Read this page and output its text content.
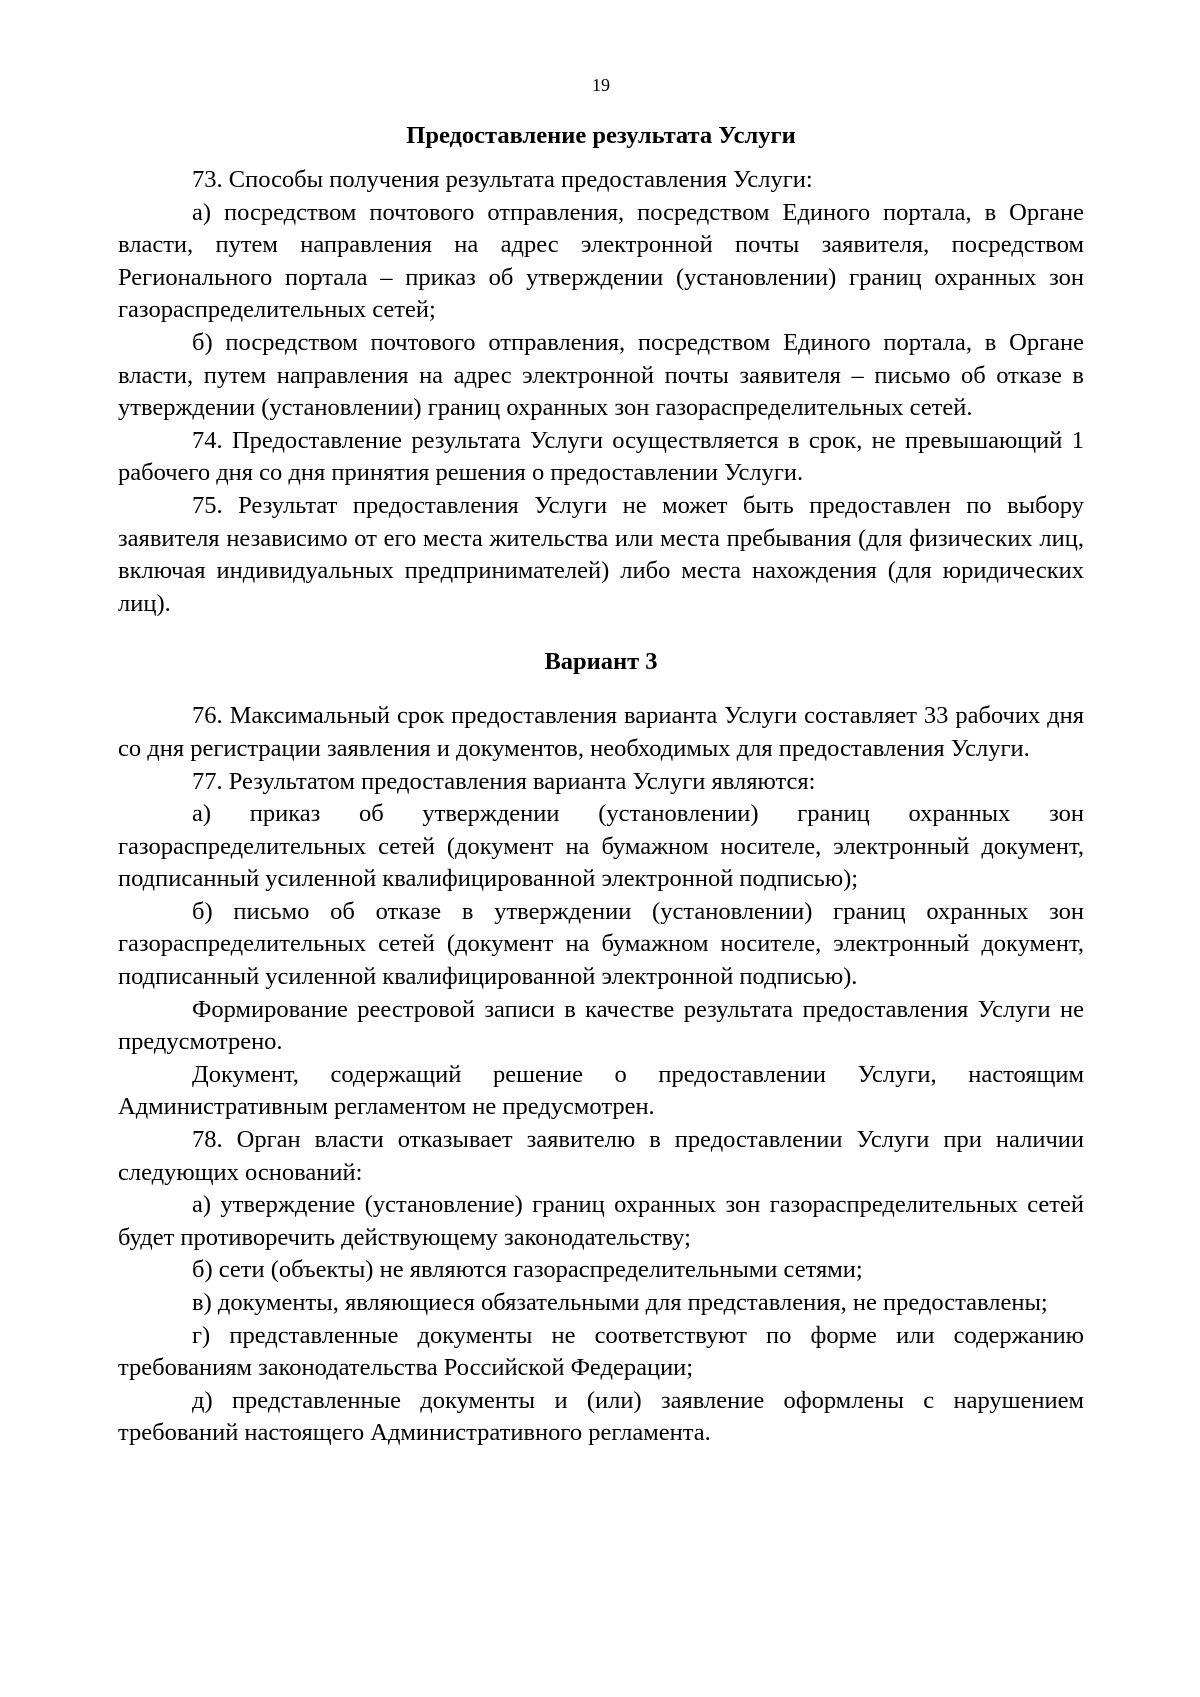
19
Предоставление результата Услуги

73. Способы получения результата предоставления Услуги:

а) посредством почтового отправления, посредством Единого портала, в Органе власти, путем направления на адрес электронной почты заявителя, посредством Регионального портала – приказ об утверждении (установлении) границ охранных зон газораспределительных сетей;

б) посредством почтового отправления, посредством Единого портала, в Органе власти, путем направления на адрес электронной почты заявителя – письмо об отказе в утверждении (установлении) границ охранных зон газораспределительных сетей.

74. Предоставление результата Услуги осуществляется в срок, не превышающий 1 рабочего дня со дня принятия решения о предоставлении Услуги.

75. Результат предоставления Услуги не может быть предоставлен по выбору заявителя независимо от его места жительства или места пребывания (для физических лиц, включая индивидуальных предпринимателей) либо места нахождения (для юридических лиц).

Вариант 3

76. Максимальный срок предоставления варианта Услуги составляет 33 рабочих дня со дня регистрации заявления и документов, необходимых для предоставления Услуги.

77. Результатом предоставления варианта Услуги являются:

а) приказ об утверждении (установлении) границ охранных зон газораспределительных сетей (документ на бумажном носителе, электронный документ, подписанный усиленной квалифицированной электронной подписью);

б) письмо об отказе в утверждении (установлении) границ охранных зон газораспределительных сетей (документ на бумажном носителе, электронный документ, подписанный усиленной квалифицированной электронной подписью).

Формирование реестровой записи в качестве результата предоставления Услуги не предусмотрено.

Документ, содержащий решение о предоставлении Услуги, настоящим Административным регламентом не предусмотрен.

78. Орган власти отказывает заявителю в предоставлении Услуги при наличии следующих оснований:

а) утверждение (установление) границ охранных зон газораспределительных сетей будет противоречить действующему законодательству;

б) сети (объекты) не являются газораспределительными сетями;

в) документы, являющиеся обязательными для представления, не предоставлены;

г) представленные документы не соответствуют по форме или содержанию требованиям законодательства Российской Федерации;

д) представленные документы и (или) заявление оформлены с нарушением требований настоящего Административного регламента.
